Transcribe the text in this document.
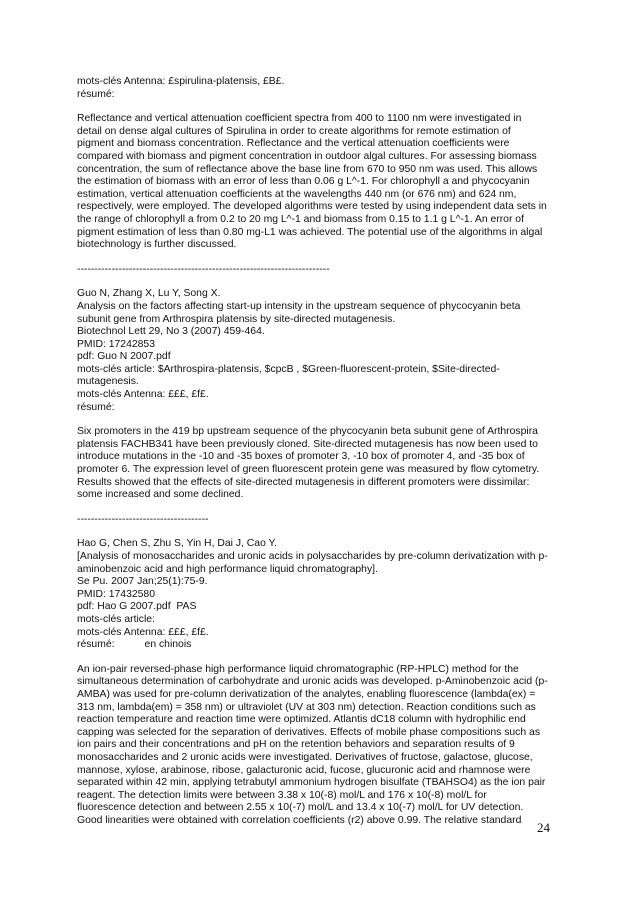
mots-clés Antenna: £spirulina-platensis, £B£.
résumé:
Reflectance and vertical attenuation coefficient spectra from 400 to 1100 nm were investigated in
detail on dense algal cultures of Spirulina in order to create algorithms for remote estimation of
pigment and biomass concentration. Reflectance and the vertical attenuation coefficients were
compared with biomass and pigment concentration in outdoor algal cultures. For assessing biomass
concentration, the sum of reflectance above the base line from 670 to 950 nm was used. This allows
the estimation of biomass with an error of less than 0.06 g L^-1. For chlorophyll a and phycocyanin
estimation, vertical attenuation coefficients at the wavelengths 440 nm (or 676 nm) and 624 nm,
respectively, were employed. The developed algorithms were tested by using independent data sets in
the range of chlorophyll a from 0.2 to 20 mg L^-1 and biomass from 0.15 to 1.1 g L^-1. An error of
pigment estimation of less than 0.80 mg-L1 was achieved. The potential use of the algorithms in algal
biotechnology is further discussed.
-------------------------------------------------------------------------
Guo N, Zhang X, Lu Y, Song X.
Analysis on the factors affecting start-up intensity in the upstream sequence of phycocyanin beta
subunit gene from Arthrospira platensis by site-directed mutagenesis.
Biotechnol Lett 29, No 3 (2007) 459-464.
PMID: 17242853
pdf: Guo N 2007.pdf
mots-clés article: $Arthrospira-platensis, $cpcB , $Green-fluorescent-protein, $Site-directed-
mutagenesis.
mots-clés Antenna: £££, £f£.
résumé:
Six promoters in the 419 bp upstream sequence of the phycocyanin beta subunit gene of Arthrospira
platensis FACHB341 have been previously cloned. Site-directed mutagenesis has now been used to
introduce mutations in the -10 and -35 boxes of promoter 3, -10 box of promoter 4, and -35 box of
promoter 6. The expression level of green fluorescent protein gene was measured by flow cytometry.
Results showed that the effects of site-directed mutagenesis in different promoters were dissimilar:
some increased and some declined.
--------------------------------------
Hao G, Chen S, Zhu S, Yin H, Dai J, Cao Y.
[Analysis of monosaccharides and uronic acids in polysaccharides by pre-column derivatization with p-
aminobenzoic acid and high performance liquid chromatography].
Se Pu. 2007 Jan;25(1):75-9.
PMID: 17432580
pdf: Hao G 2007.pdf  PAS
mots-clés article:
mots-clés Antenna: £££, £f£.
résumé:	en chinois
An ion-pair reversed-phase high performance liquid chromatographic (RP-HPLC) method for the
simultaneous determination of carbohydrate and uronic acids was developed. p-Aminobenzoic acid (p-
AMBA) was used for pre-column derivatization of the analytes, enabling fluorescence (lambda(ex) =
313 nm, lambda(em) = 358 nm) or ultraviolet (UV at 303 nm) detection. Reaction conditions such as
reaction temperature and reaction time were optimized. Atlantis dC18 column with hydrophilic end
capping was selected for the separation of derivatives. Effects of mobile phase compositions such as
ion pairs and their concentrations and pH on the retention behaviors and separation results of 9
monosaccharides and 2 uronic acids were investigated. Derivatives of fructose, galactose, glucose,
mannose, xylose, arabinose, ribose, galacturonic acid, fucose, glucuronic acid and rhamnose were
separated within 42 min, applying tetrabutyl ammonium hydrogen bisulfate (TBAHSO4) as the ion pair
reagent. The detection limits were between 3.38 x 10(-8) mol/L and 176 x 10(-8) mol/L for
fluorescence detection and between 2.55 x 10(-7) mol/L and 13.4 x 10(-7) mol/L for UV detection.
Good linearities were obtained with correlation coefficients (r2) above 0.99. The relative standard	24
